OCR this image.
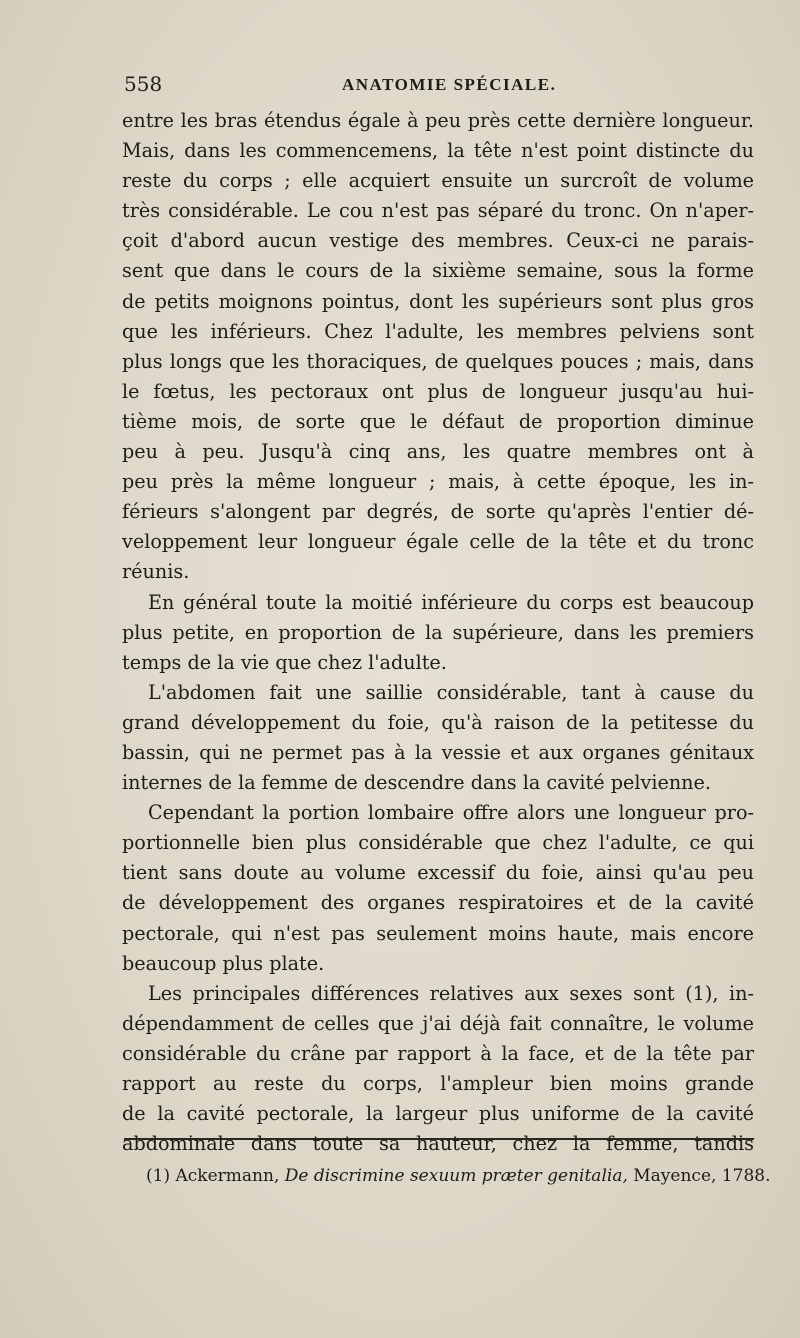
558	ANATOMIE SPÉCIALE.
entre les bras étendus égale à peu près cette dernière longueur.
Mais, dans les commencemens, la tête n'est point distincte du
reste du corps ; elle acquiert ensuite un surcroît de volume
très considérable. Le cou n'est pas séparé du tronc. On n'aper-
çoit d'abord aucun vestige des membres. Ceux-ci ne parais-
sent que dans le cours de la sixième semaine, sous la forme
de petits moignons pointus, dont les supérieurs sont plus gros
que les inférieurs. Chez l'adulte, les membres pelviens sont
plus longs que les thoraciques, de quelques pouces ; mais, dans
le fœtus, les pectoraux ont plus de longueur jusqu'au hui-
tième mois, de sorte que le défaut de proportion diminue
peu à peu. Jusqu'à cinq ans, les quatre membres ont à
peu près la même longueur ; mais, à cette époque, les in-
férieurs s'alongent par degrés, de sorte qu'après l'entier dé-
veloppement leur longueur égale celle de la tête et du tronc
réunis.
En général toute la moitié inférieure du corps est beaucoup
plus petite, en proportion de la supérieure, dans les premiers
temps de la vie que chez l'adulte.
L'abdomen fait une saillie considérable, tant à cause du
grand développement du foie, qu'à raison de la petitesse du
bassin, qui ne permet pas à la vessie et aux organes génitaux
internes de la femme de descendre dans la cavité pelvienne.
Cependant la portion lombaire offre alors une longueur pro-
portionnelle bien plus considérable que chez l'adulte, ce qui
tient sans doute au volume excessif du foie, ainsi qu'au peu
de développement des organes respiratoires et de la cavité
pectorale, qui n'est pas seulement moins haute, mais encore
beaucoup plus plate.
Les principales différences relatives aux sexes sont (1), in-
dépendamment de celles que j'ai déjà fait connaître, le volume
considérable du crâne par rapport à la face, et de la tête par
rapport au reste du corps, l'ampleur bien moins grande
de la cavité pectorale, la largeur plus uniforme de la cavité
abdominale dans toute sa hauteur, chez la femme, tandis
(1) Ackermann, De discrimine sexuum præter genitalia, Mayence, 1788.
